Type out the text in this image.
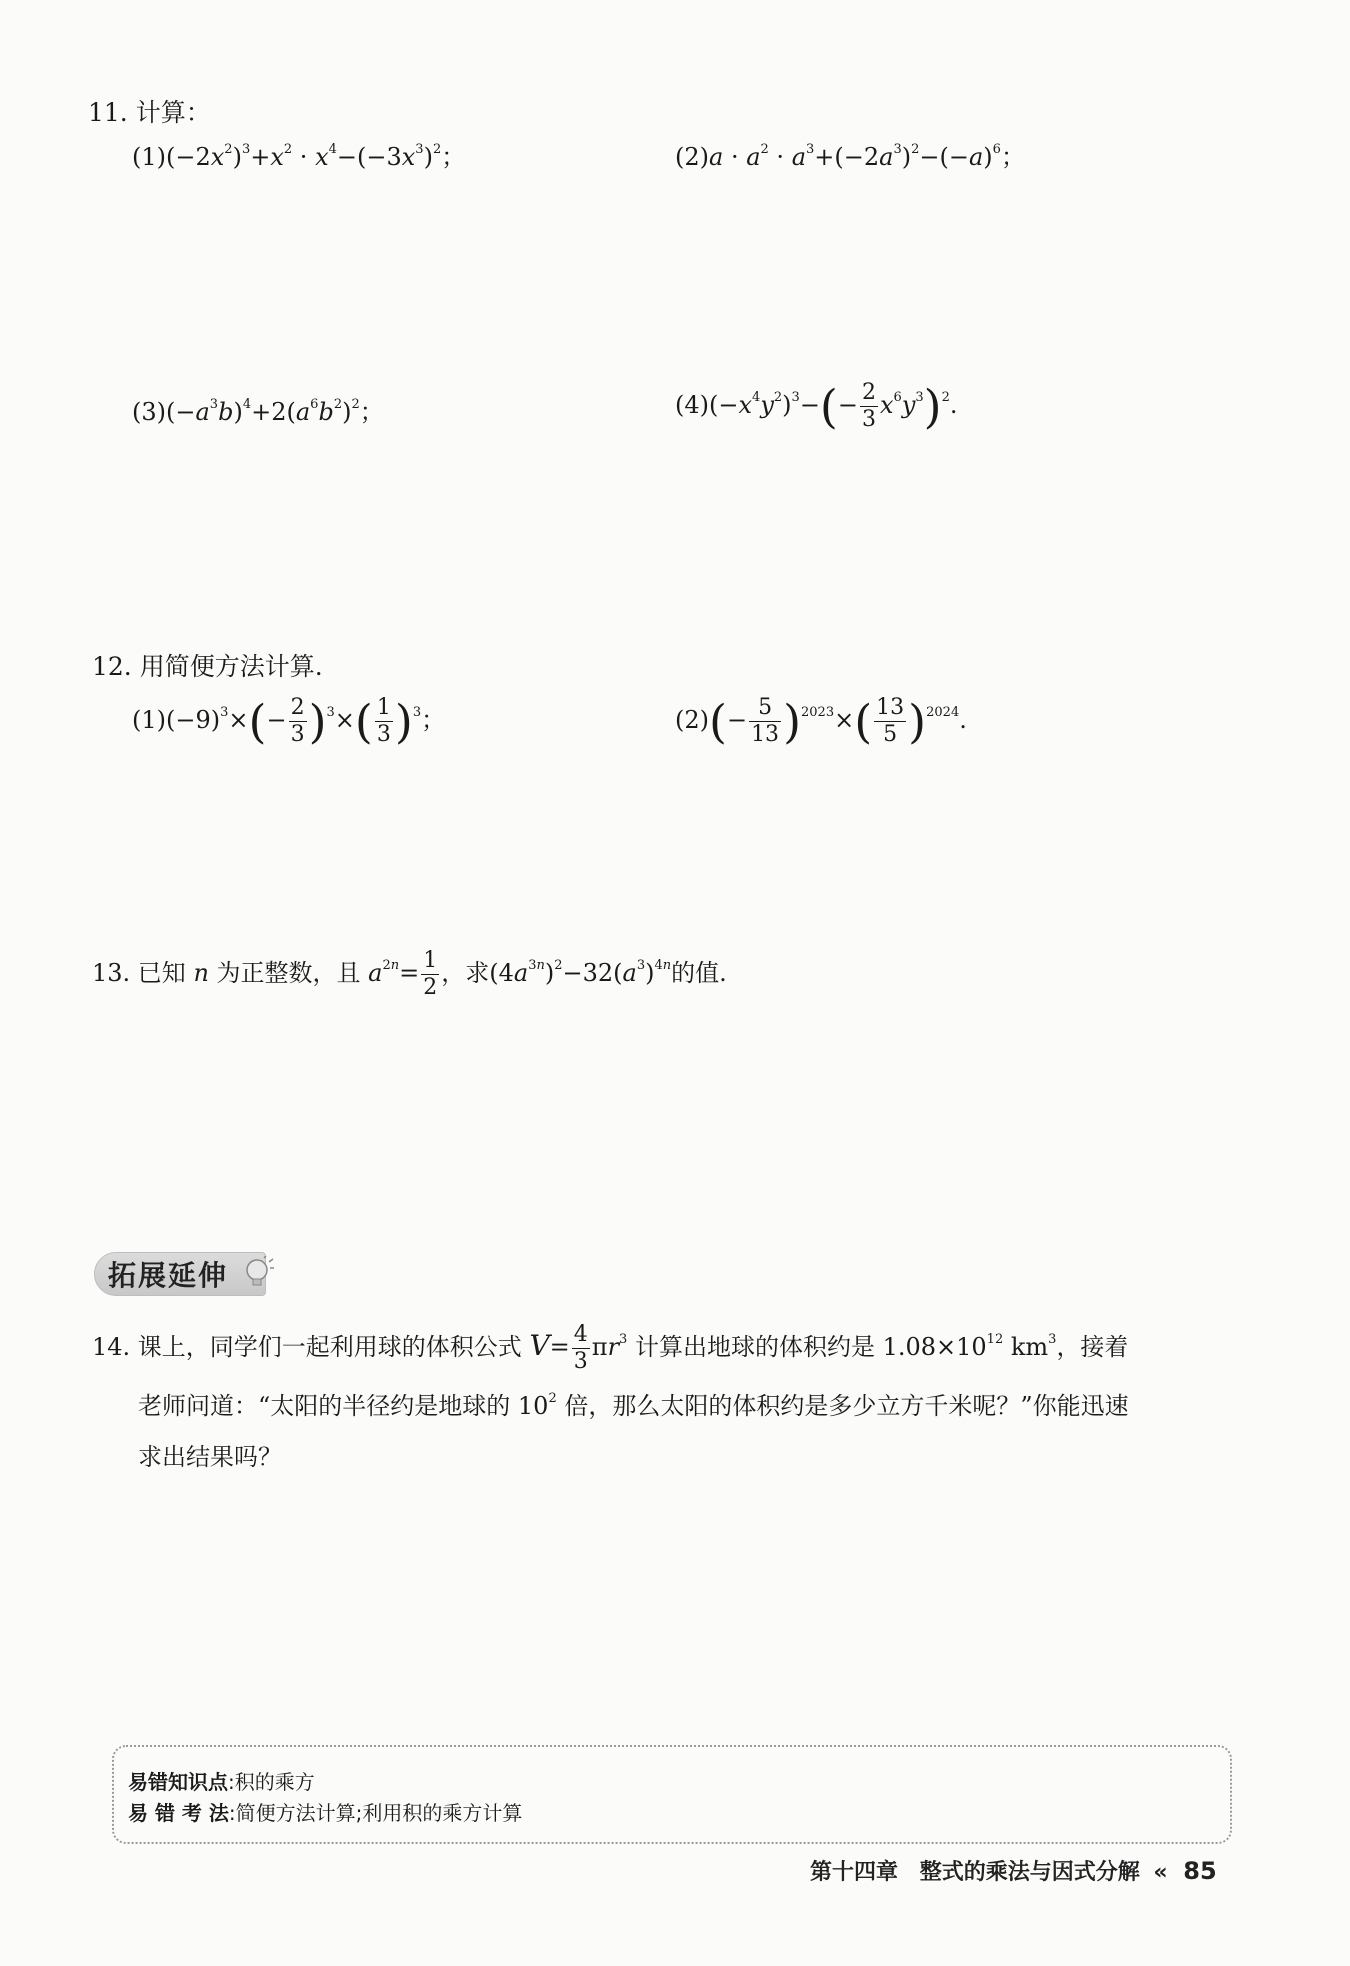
11. 计算：
$(1)(-2x^2)^3+x^2 \cdot x^4-(-3x^3)^2$；	$(2)a \cdot a^2 \cdot a^3+(-2a^3)^2-(-a)^6$；
$(3)(-a^3b)^4+2(a^6b^2)^2$；	$(4)(-x^4y^2)^3-(- \frac{2}{3} x^6y^3)^2$.
12. 用简便方法计算.
$(1)(-9)^3\times(- \frac{2}{3} )^3\times( \frac{1}{3} )^3$；	$(2)(- \frac{5}{13} )^{2023}\times( \frac{13}{5} )^{2024}$.
13. 已知 n 为正整数，且 $a^{2n}= \frac{1}{2}$ ，求$(4a^{3n})^2-32(a^3)^{4n}$的值.
拓展延伸
14. 课上，同学们一起利用球的体积公式 $V= \frac{4}{3} \pi r^3$ 计算出地球的体积约是 $1.08\times 10^{12}$ $km^3$，接着
老师问道：“太阳的半径约是地球的 $10^2$ 倍，那么太阳的体积约是多少立方千米呢？”你能迅速
求出结果吗？
易错知识点:积的乘方
易 错 考 法:简便方法计算;利用积的乘方计算
第十四章 整式的乘法与因式分解 « 85
